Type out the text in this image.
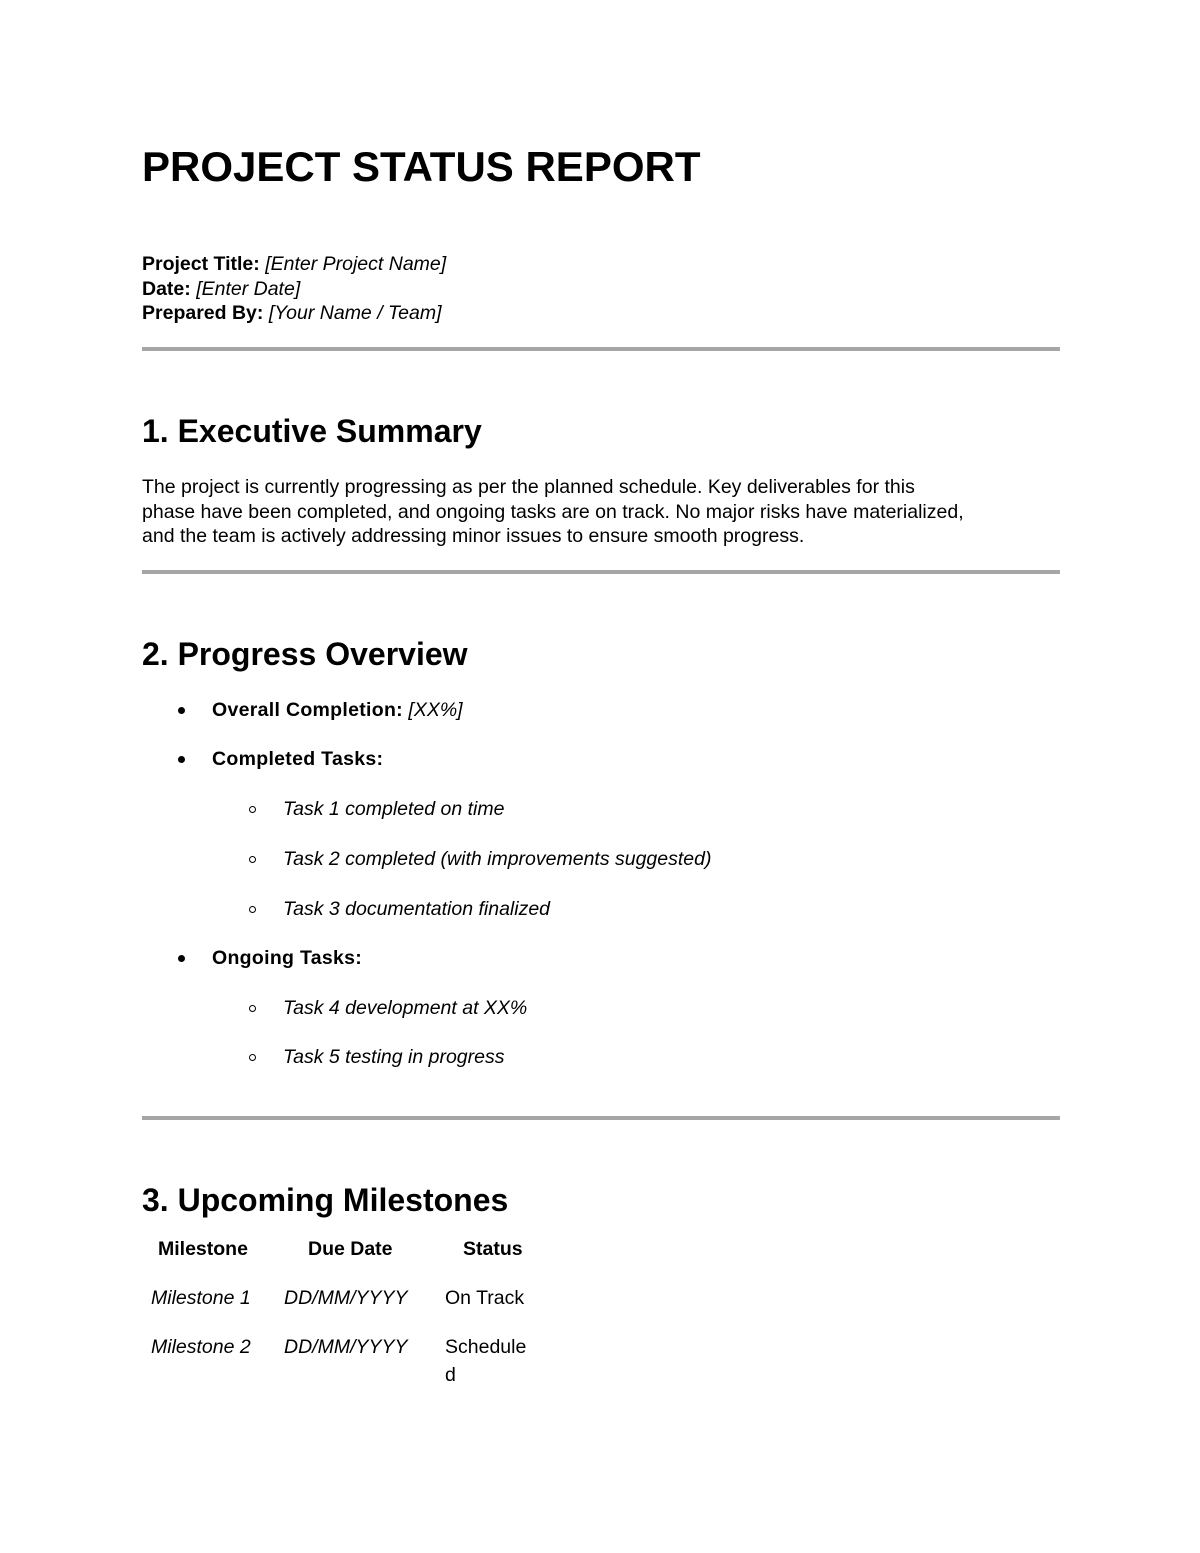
PROJECT STATUS REPORT
Project Title: [Enter Project Name]
Date: [Enter Date]
Prepared By: [Your Name / Team]
1. Executive Summary

The project is currently progressing as per the planned schedule. Key deliverables for this
phase have been completed, and ongoing tasks are on track. No major risks have materialized,
and the team is actively addressing minor issues to ensure smooth progress.

2. Progress Overview
Overall Completion: [XX%]
Completed Tasks:
Task 1 completed on time
Task 2 completed (with improvements suggested)
Task 3 documentation finalized
Ongoing Tasks:
Task 4 development at XX%
Task 5 testing in progress
3. Upcoming Milestones
Milestone	Due Date	Status
Milestone 1 DD/MM/YYYY On Track
Milestone 2 DD/MM/YYYY Schedule
d
